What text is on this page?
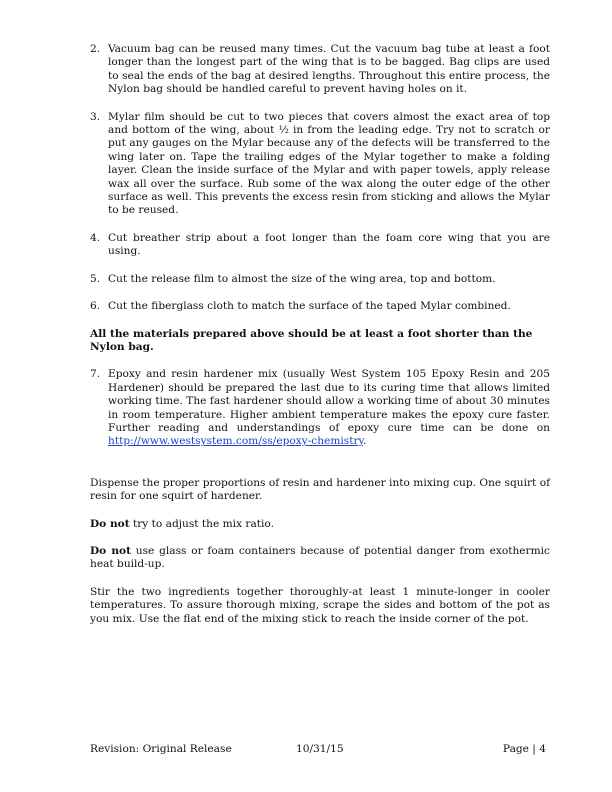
2. Vacuum bag can be reused many times. Cut the vacuum bag tube at least a foot longer than the longest part of the wing that is to be bagged. Bag clips are used to seal the ends of the bag at desired lengths. Throughout this entire process, the Nylon bag should be handled careful to prevent having holes on it.
3. Mylar film should be cut to two pieces that covers almost the exact area of top and bottom of the wing, about ½ in from the leading edge. Try not to scratch or put any gauges on the Mylar because any of the defects will be transferred to the wing later on. Tape the trailing edges of the Mylar together to make a folding layer. Clean the inside surface of the Mylar and with paper towels, apply release wax all over the surface. Rub some of the wax along the outer edge of the other surface as well. This prevents the excess resin from sticking and allows the Mylar to be reused.
4. Cut breather strip about a foot longer than the foam core wing that you are using.
5. Cut the release film to almost the size of the wing area, top and bottom.
6. Cut the fiberglass cloth to match the surface of the taped Mylar combined.

All the materials prepared above should be at least a foot shorter than the Nylon bag.

7. Epoxy and resin hardener mix (usually West System 105 Epoxy Resin and 205 Hardener) should be prepared the last due to its curing time that allows limited working time. The fast hardener should allow a working time of about 30 minutes in room temperature. Higher ambient temperature makes the epoxy cure faster. Further reading and understandings of epoxy cure time can be done on http://www.westsystem.com/ss/epoxy-chemistry.

Dispense the proper proportions of resin and hardener into mixing cup. One squirt of resin for one squirt of hardener.

Do not try to adjust the mix ratio.

Do not use glass or foam containers because of potential danger from exothermic heat build-up.

Stir the two ingredients together thoroughly-at least 1 minute-longer in cooler temperatures. To assure thorough mixing, scrape the sides and bottom of the pot as you mix. Use the flat end of the mixing stick to reach the inside corner of the pot.

Revision: Original Release	10/31/15	Page | 4
